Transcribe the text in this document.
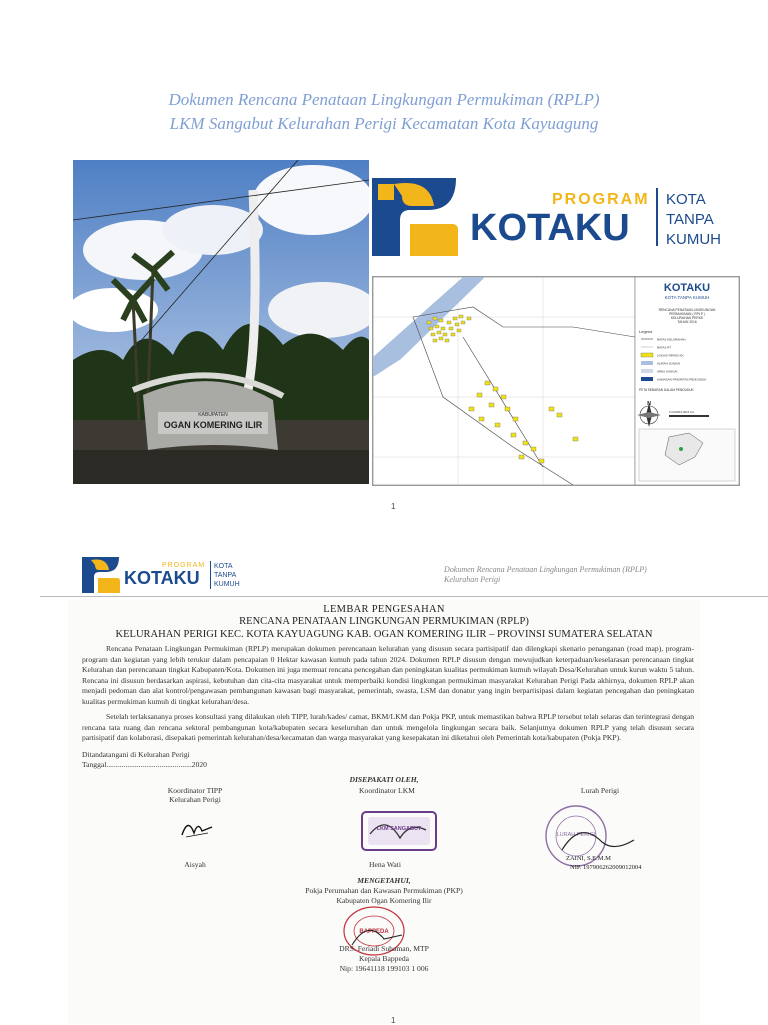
Dokumen Rencana Penataan Lingkungan Permukiman (RPLP)
LKM Sangabut Kelurahan Perigi Kecamatan Kota Kayuagung
KABUPATEN
OGAN KOMERING ILIR
PROGRAM
KOTAKU
KOTA
TANPA
KUMUH
KOTAKU
KOTA TANPA KUMUH
RENCANA PENATAAN LINGKUNGAN
PERMUKIMAN ( RPLP )
KELURAHAN PERIGI
TAHUN 2016
Legend
BATAS KELURAHAN
BATAS RT
LOKASI PERIGI KK
ALIRAN SUNGAI
AREA SUNGAI
KAWASAN PRIORITAS PENDUDUK
PETA SEBARAN DALAM PENDUDUK
N
0 0,0008 0,0015 Km
1
PROGRAM
KOTAKU
KOTA
TANPA
KUMUH
Dokumen Rencana Penataan Lingkungan Permukiman (RPLP)
Kelurahan Perigi
LEMBAR PENGESAHAN
RENCANA PENATAAN LINGKUNGAN PERMUKIMAN (RPLP)
KELURAHAN PERIGI KEC. KOTA KAYUAGUNG KAB. OGAN KOMERING ILIR – PROVINSI SUMATERA SELATAN
Rencana Penataan Lingkungan Permukiman (RPLP) merupakan dokumen perencanaan kelurahan yang disusun secara partisipatif dan dilengkapi skenario penanganan (road map), program-program dan kegiatan yang lebih terukur dalam pencapaian 0 Hektar kawasan kumuh pada tahun 2024. Dokumen RPLP disusun dengan mewujudkan keterpaduan/keselarasan perencanaan tingkat Kelurahan dan perencanaan tingkat Kabupaten/Kota. Dokumen ini juga memuat rencana pencegahan dan peningkatan kualitas permukiman kumuh wilayah Desa/Kelurahan untuk kurun waktu 5 tahun. Rencana ini disusun berdasarkan aspirasi, kebutuhan dan cita-cita masyarakat untuk memperbaiki kondisi lingkungan permukiman masyarakat Kelurahan Perigi Pada akhirnya, dokumen RPLP akan menjadi pedoman dan alat kontrol/pengawasan pembangunan kawasan bagi masyarakat, pemerintah, swasta, LSM dan donatur yang ingin berpartisipasi dalam kegiatan pencegahan dan peningkatan kualitas permukiman kumuh di tingkat kelurahan/desa.
Setelah terlaksananya proses konsultasi yang dilakukan oleh TIPP, lurah/kades/ camat, BKM/LKM dan Pokja PKP, untuk memastikan bahwa RPLP tersebut telah selaras dan terintegrasi dengan rencana tata ruang dan rencana sektoral pembangunan kota/kabupaten secara keseluruhan dan untuk mengelola lingkungan secara baik. Selanjutnya dokumen RPLP yang telah disusun secara partisipatif dan kolaborasi, disepakati pemerintah kelurahan/desa/kecamatan dan warga masyarakat yang kesepakatan ini diketahui oleh Pemerintah kota/kabupaten (Pokja PKP).
Ditandatangani di Kelurahan Perigi
Tanggal.............................................2020
DISEPAKATI OLEH,
Koordinator TIPP
Kelurahan Perigi
Koordinator LKM	Lurah Perigi
Aisyah
LKM SANGABUT
Hena Wati
LURAH PERIGI
ZAINI, S.E.M.M
NIP. 197906262009012004
MENGETAHUI,
Pokja Perumahan dan Kawasan Permukiman (PKP)
Kabupaten Ogan Komering Ilir
BAPPEDA
DRS. Feriadi Suhaman, MTP
Kepala Bappeda
Nip: 19641118 199103 1 006
1
